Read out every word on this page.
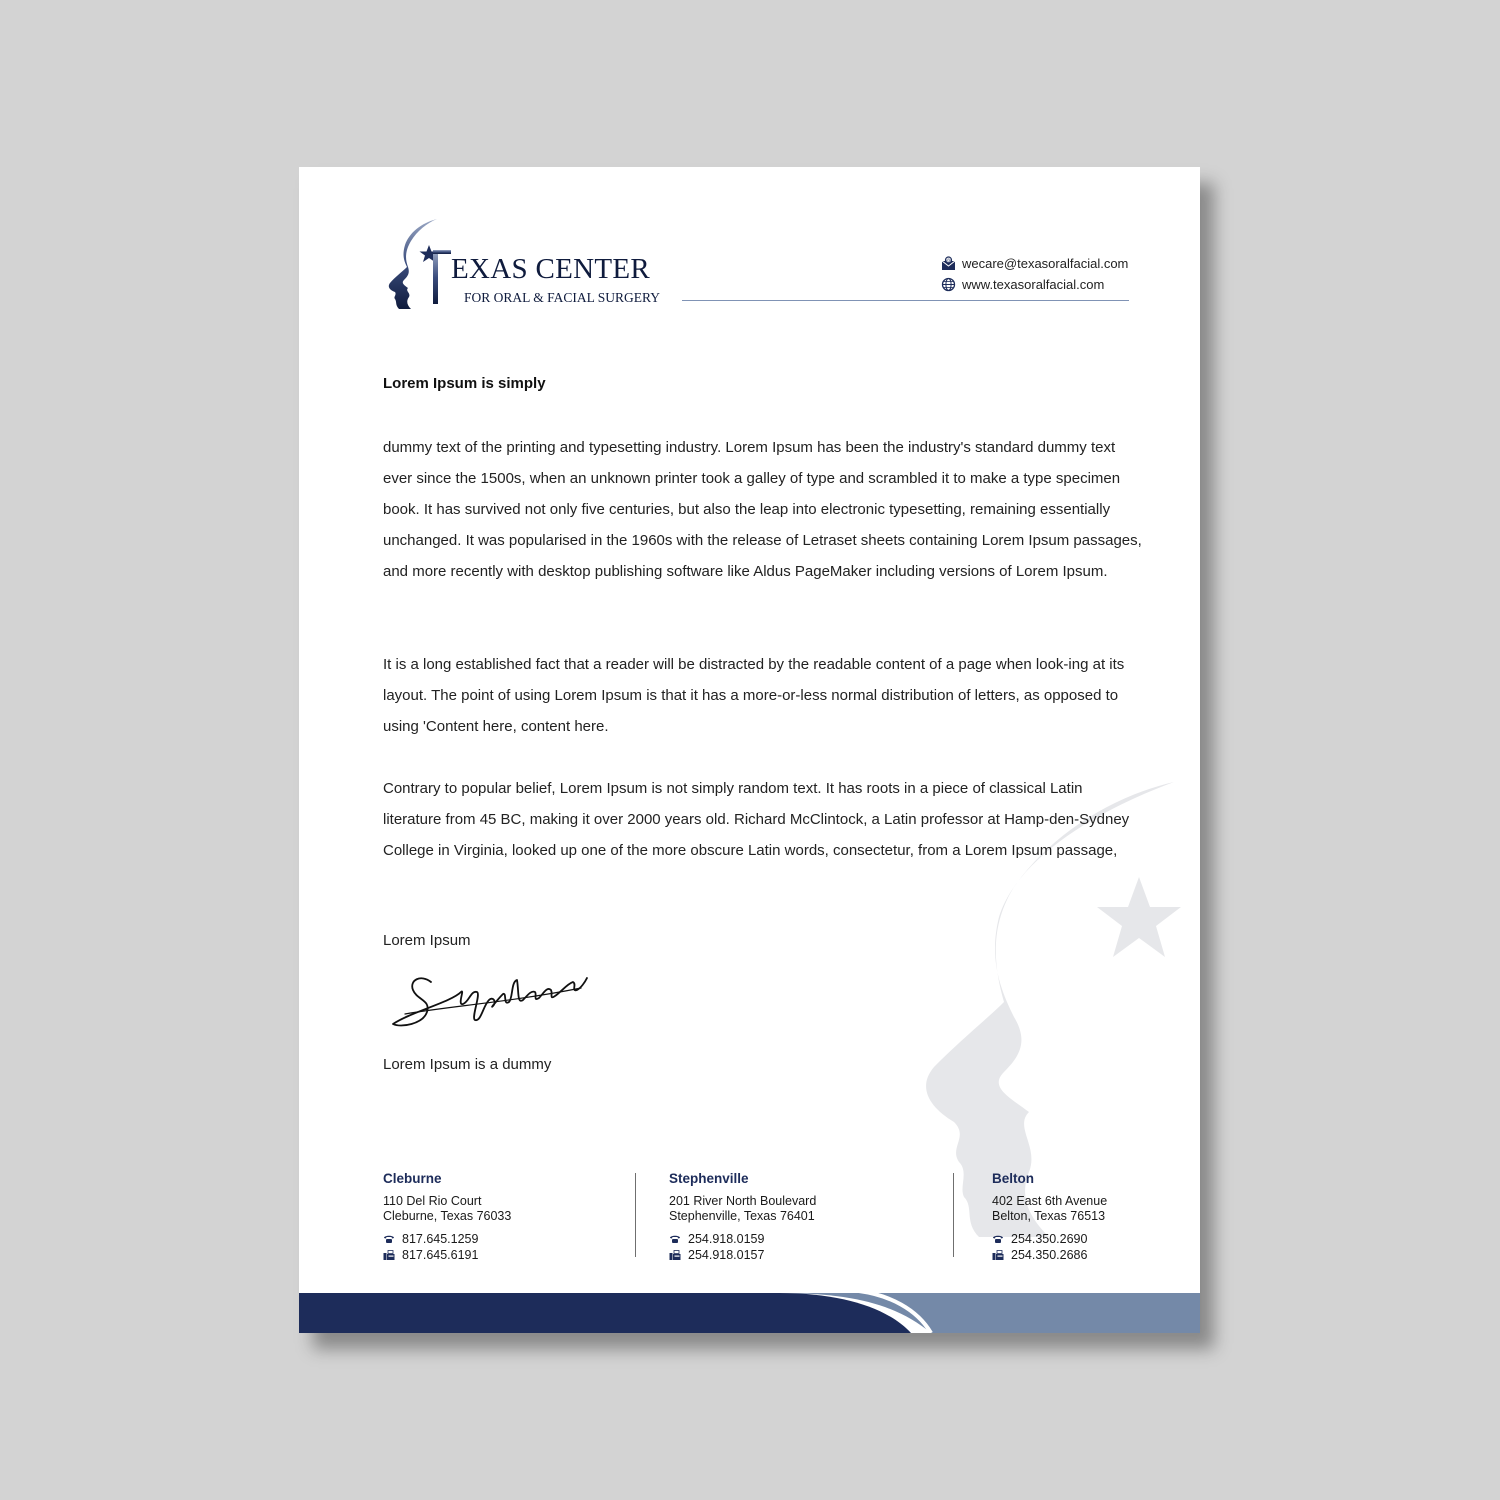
EXAS CENTER
FOR ORAL & FACIAL SURGERY
@ wecare@texasoralfacial.com
www.texasoralfacial.com
Lorem Ipsum is simply

dummy text of the printing and typesetting industry. Lorem Ipsum has been the industry's standard dummy text ever since the 1500s, when an unknown printer took a galley of type and scrambled it to make a type specimen book. It has survived not only five centuries, but also the leap into electronic typesetting, remaining essentially unchanged. It was popularised in the 1960s with the release of Letraset sheets containing Lorem Ipsum passages, and more recently with desktop publishing software like Aldus PageMaker including versions of Lorem Ipsum.

It is a long established fact that a reader will be distracted by the readable content of a page when look-ing at its layout. The point of using Lorem Ipsum is that it has a more-or-less normal distribution of letters, as opposed to using 'Content here, content here.

Contrary to popular belief, Lorem Ipsum is not simply random text. It has roots in a piece of classical Latin literature from 45 BC, making it over 2000 years old. Richard McClintock, a Latin professor at Hamp-den-Sydney College in Virginia, looked up one of the more obscure Latin words, consectetur, from a Lorem Ipsum passage,

Lorem Ipsum
Lorem Ipsum is a dummy
Cleburne
110 Del Rio Court
Cleburne, Texas 76033
817.645.1259
817.645.6191
Stephenville
201 River North Boulevard
Stephenville, Texas 76401
254.918.0159
254.918.0157
Belton
402 East 6th Avenue
Belton, Texas 76513
254.350.2690
254.350.2686
